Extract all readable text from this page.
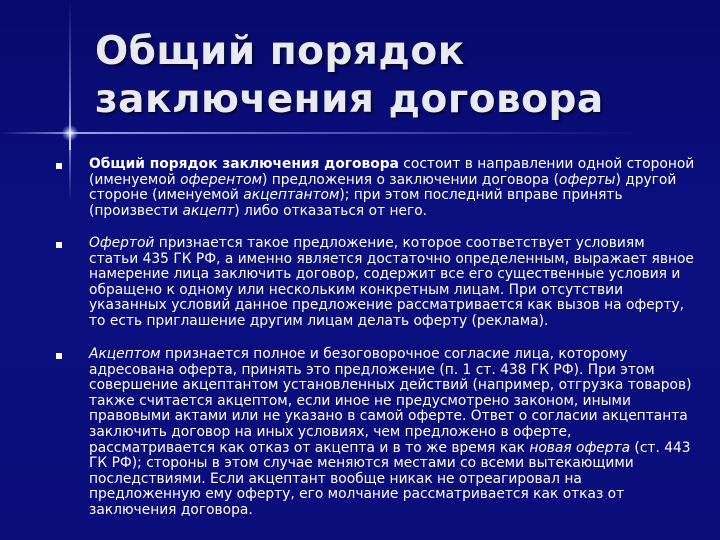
Общий порядок
заключения договора
Общий порядок заключения договора состоит в направлении одной стороной (именуемой оферентом) предложения о заключении договора (оферты) другой стороне (именуемой акцептантом); при этом последний вправе принять (произвести акцепт) либо отказаться от него.
Офертой признается такое предложение, которое соответствует условиям статьи 435 ГК РФ, а именно является достаточно определенным, выражает явное намерение лица заключить договор, содержит все его существенные условия и обращено к одному или нескольким конкретным лицам. При отсутствии указанных условий данное предложение рассматривается как вызов на оферту, то есть приглашение другим лицам делать оферту (реклама).
Акцептом признается полное и безоговорочное согласие лица, которому адресована оферта, принять это предложение (п. 1 ст. 438 ГК РФ). При этом совершение акцептантом установленных действий (например, отгрузка товаров) также считается акцептом, если иное не предусмотрено законом, иными правовыми актами или не указано в самой оферте. Ответ о согласии акцептанта заключить договор на иных условиях, чем предложено в оферте, рассматривается как отказ от акцепта и в то же время как новая оферта (ст. 443 ГК РФ); стороны в этом случае меняются местами со всеми вытекающими последствиями. Если акцептант вообще никак не отреагировал на предложенную ему оферту, его молчание рассматривается как отказ от заключения договора.
